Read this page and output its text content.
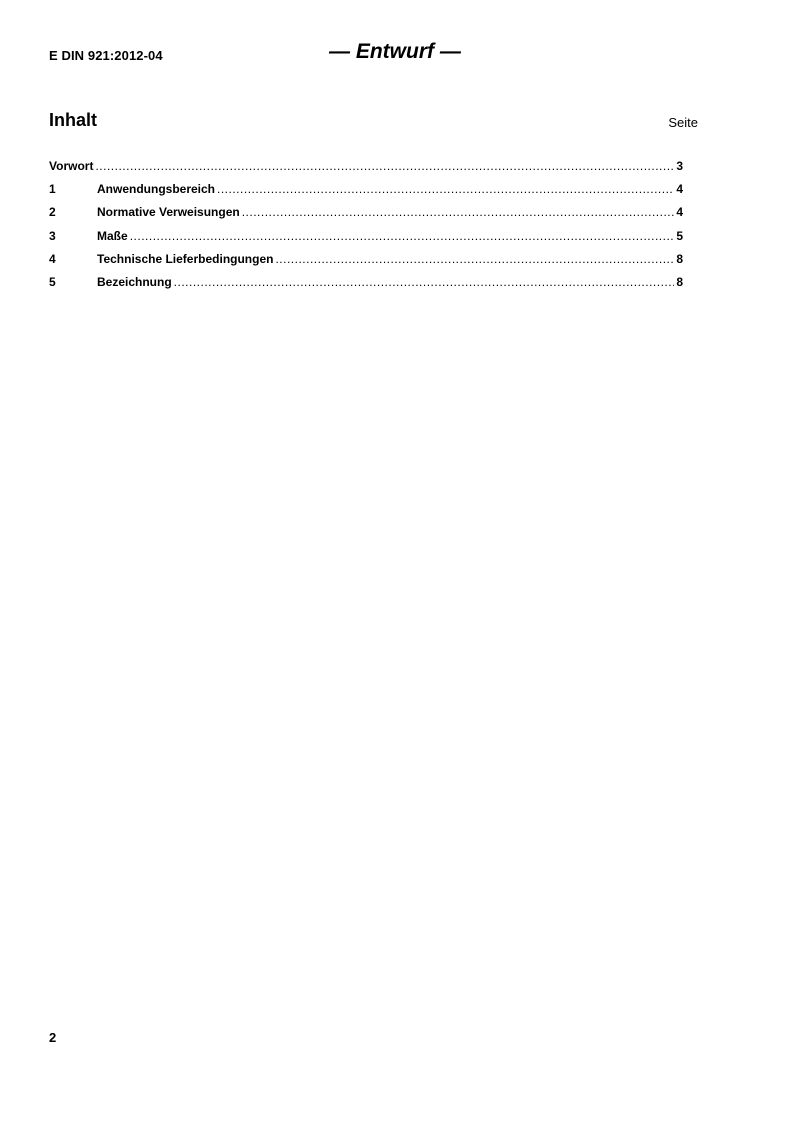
E DIN 921:2012-04	— Entwurf —
Inhalt	Seite
Vorwort .....	3
1	Anwendungsbereich .....	4
2	Normative Verweisungen .....	4
3	Maße .....	5
4	Technische Lieferbedingungen .....	8
5	Bezeichnung .....	8
2
